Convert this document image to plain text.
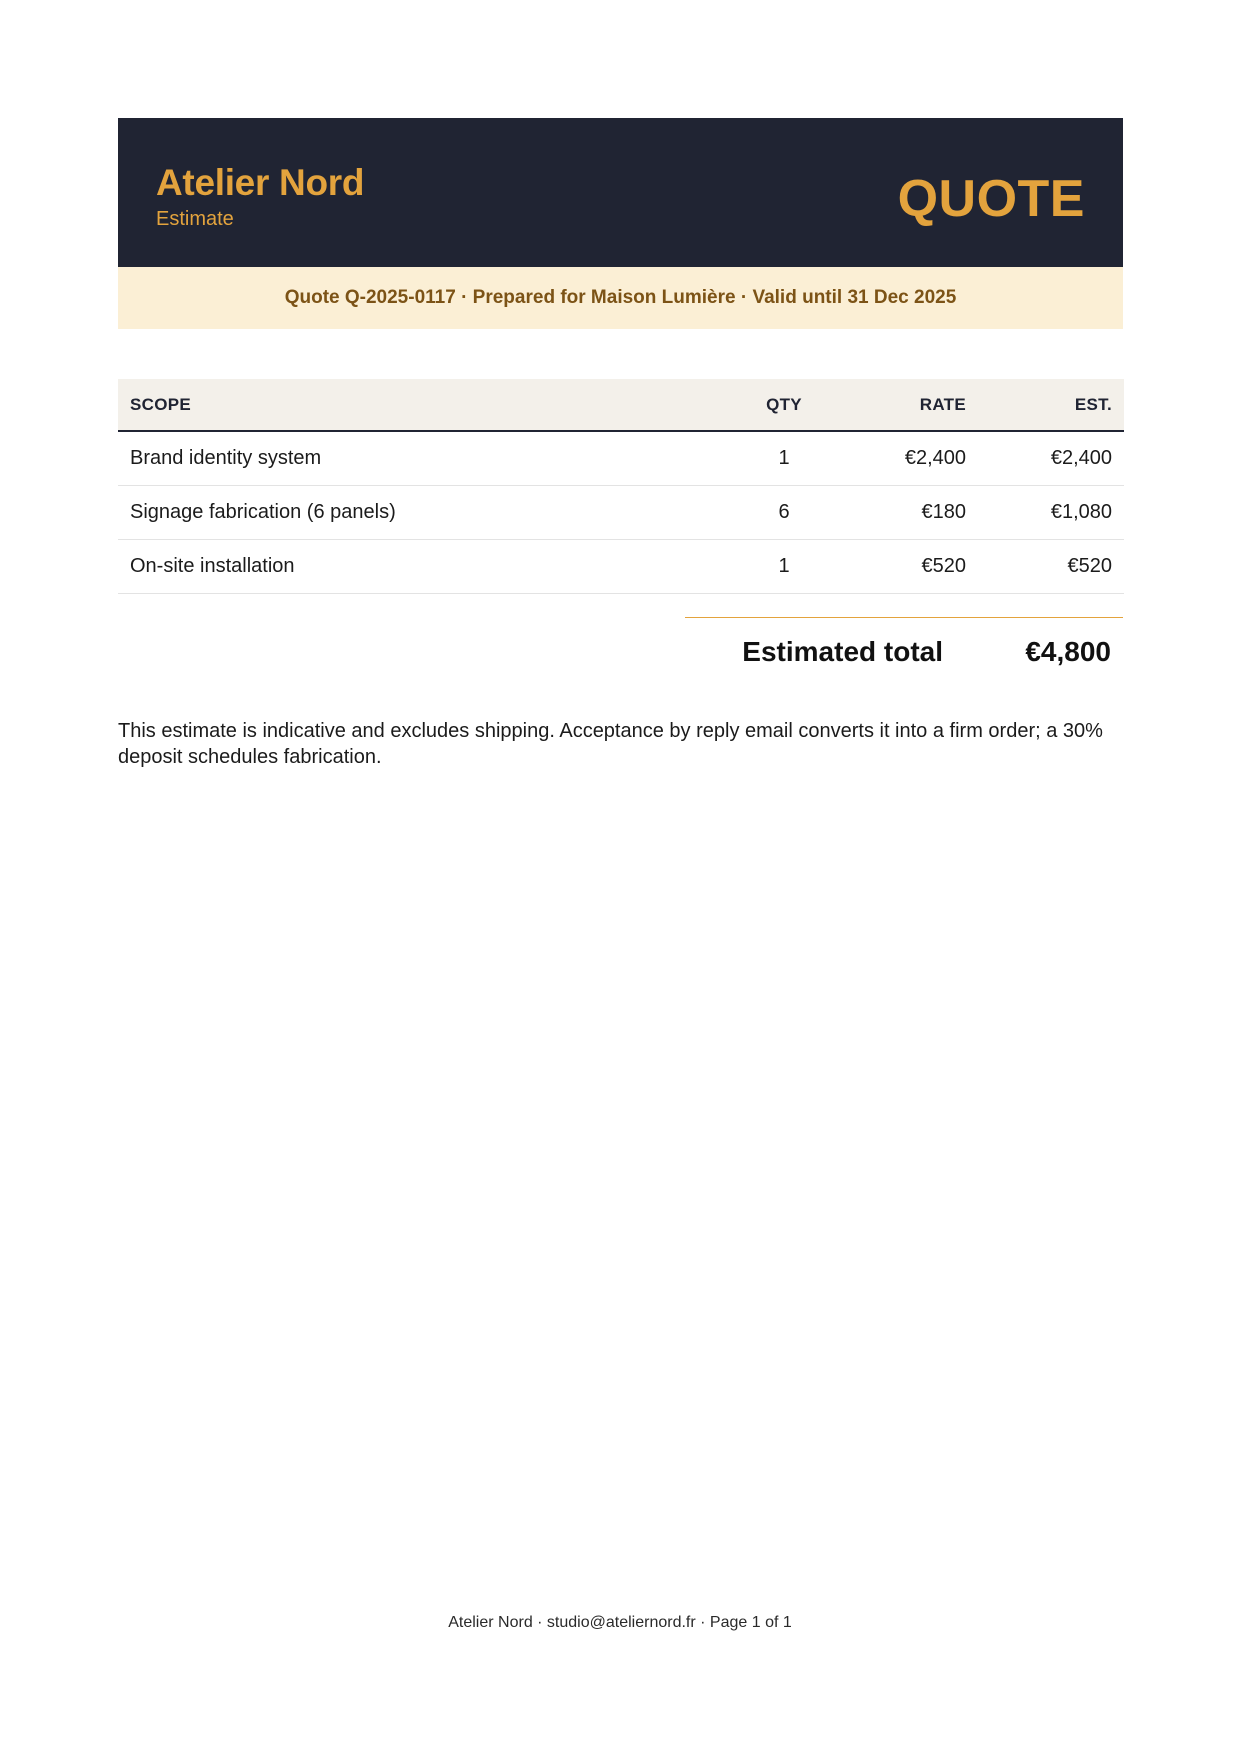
Atelier Nord
Estimate	QUOTE
Quote Q-2025-0117 · Prepared for Maison Lumière · Valid until 31 Dec 2025
SCOPE	QTY	RATE	EST.
Brand identity system	1	€2,400	€2,400
Signage fabrication (6 panels)	6	€180	€1,080
On-site installation	1	€520	€520
Estimated total	€4,800

This estimate is indicative and excludes shipping. Acceptance by reply email converts it into a firm order; a 30% deposit schedules fabrication.

Atelier Nord · studio@ateliernord.fr · Page 1 of 1
